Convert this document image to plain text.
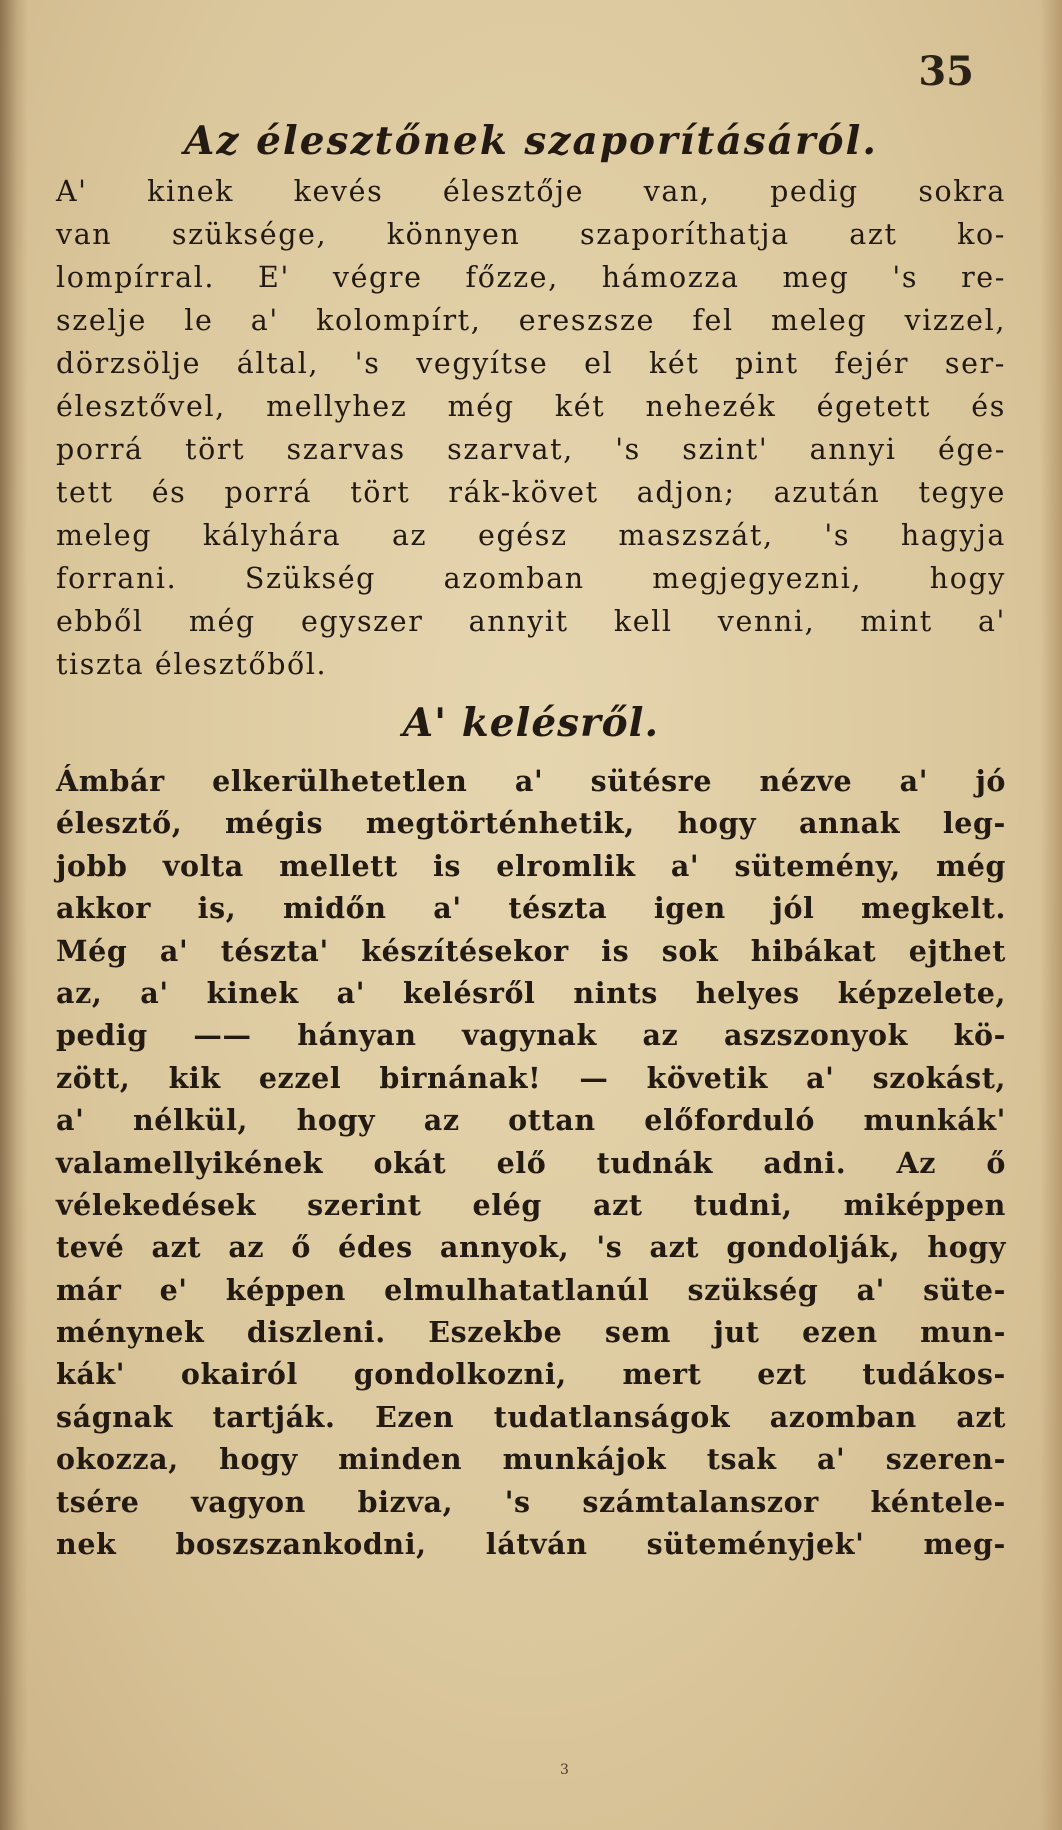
35
Az élesztőnek szaporításáról.
A' kinek kevés élesztője van, pedig sokra
van szüksége, könnyen szaporíthatja azt ko-
lompírral. E' végre főzze, hámozza meg 's re-
szelje le a' kolompírt, ereszsze fel meleg vizzel,
dörzsölje által, 's vegyítse el két pint fejér ser-
élesztővel, mellyhez még két nehezék égetett és
porrá tört szarvas szarvat, 's szint' annyi ége-
tett és porrá tört rák-követ adjon; azután tegye
meleg kályhára az egész maszszát, 's hagyja
forrani. Szükség azomban megjegyezni, hogy
ebből még egyszer annyit kell venni, mint a'
tiszta élesztőből.
A' kelésről.
Ámbár elkerülhetetlen a' sütésre nézve a' jó
élesztő, mégis megtörténhetik, hogy annak leg-
jobb volta mellett is elromlik a' sütemény, még
akkor is, midőn a' tészta igen jól megkelt.
Még a' tészta' készítésekor is sok hibákat ejthet
az, a' kinek a' kelésről nints helyes képzelete,
pedig —— hányan vagynak az aszszonyok kö-
zött, kik ezzel birnának! — követik a' szokást,
a' nélkül, hogy az ottan előforduló munkák'
valamellyikének okát elő tudnák adni. Az ő
vélekedések szerint elég azt tudni, miképpen
tevé azt az ő édes annyok, 's azt gondolják, hogy
már e' képpen elmulhatatlanúl szükség a' süte-
ménynek diszleni. Eszekbe sem jut ezen mun-
kák' okairól gondolkozni, mert ezt tudákos-
ságnak tartják. Ezen tudatlanságok azomban azt
okozza, hogy minden munkájok tsak a' szeren-
tsére vagyon bizva, 's számtalanszor kéntele-
nek boszszankodni, látván süteményjek' meg-
3
